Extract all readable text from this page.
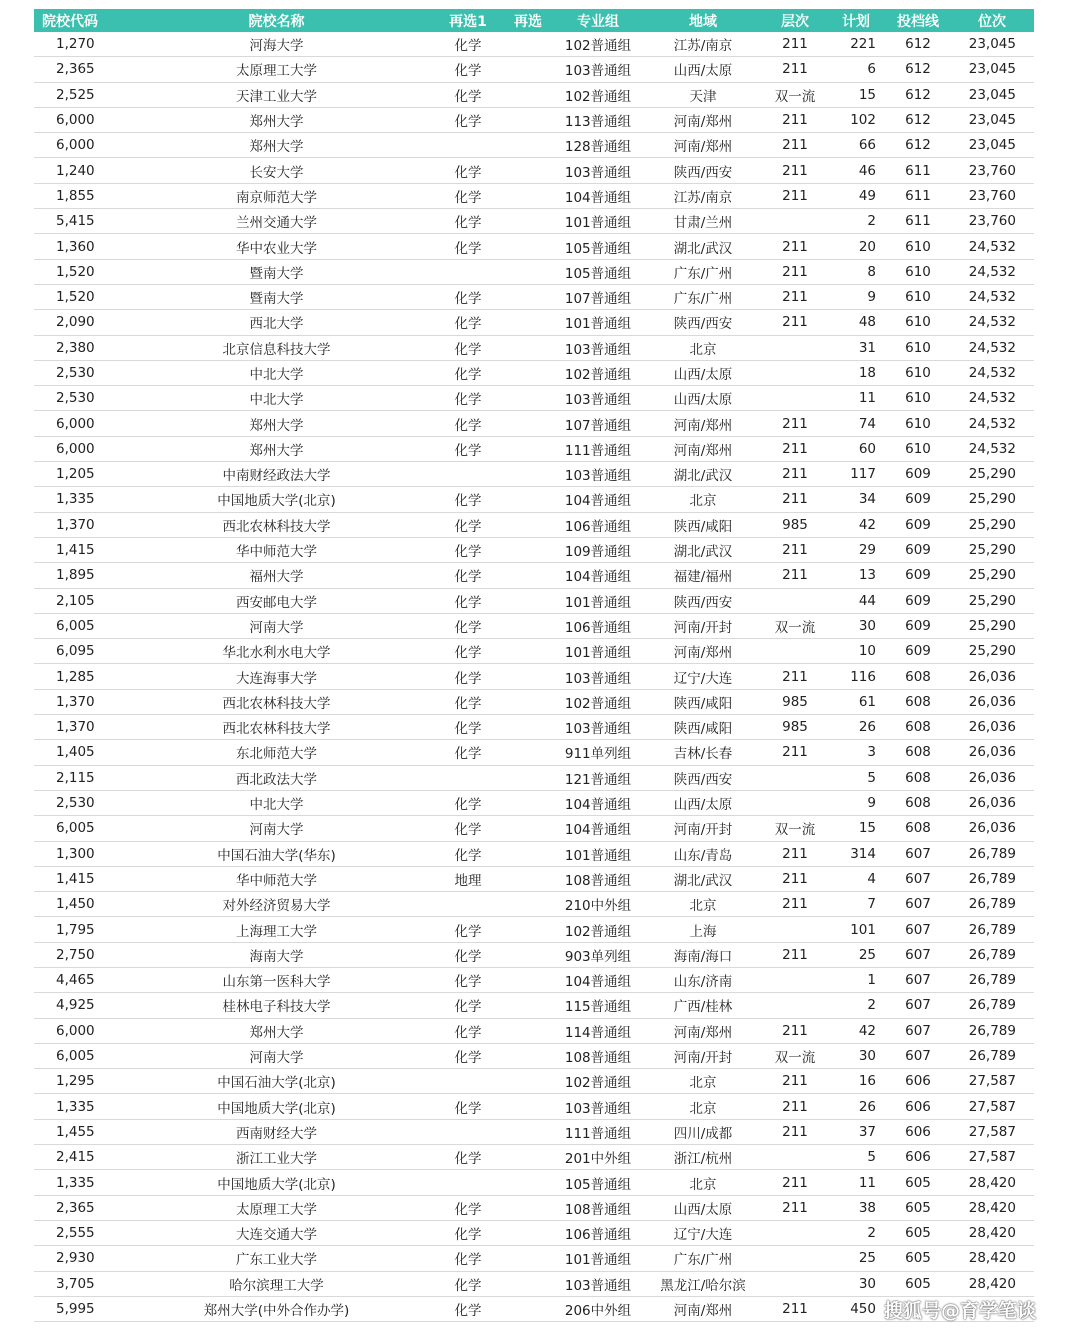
院校代码	院校名称	再选1	再选	专业组	地域	层次	计划	投档线	位次
1,270	河海大学	化学		102普通组	江苏/南京	211	221	612	23,045
2,365	太原理工大学	化学		103普通组	山西/太原	211	6	612	23,045
2,525	天津工业大学	化学		102普通组	天津	双一流	15	612	23,045
6,000	郑州大学	化学		113普通组	河南/郑州	211	102	612	23,045
6,000	郑州大学			128普通组	河南/郑州	211	66	612	23,045
1,240	长安大学	化学		103普通组	陕西/西安	211	46	611	23,760
1,855	南京师范大学	化学		104普通组	江苏/南京	211	49	611	23,760
5,415	兰州交通大学	化学		101普通组	甘肃/兰州		2	611	23,760
1,360	华中农业大学	化学		105普通组	湖北/武汉	211	20	610	24,532
1,520	暨南大学			105普通组	广东/广州	211	8	610	24,532
1,520	暨南大学	化学		107普通组	广东/广州	211	9	610	24,532
2,090	西北大学	化学		101普通组	陕西/西安	211	48	610	24,532
2,380	北京信息科技大学	化学		103普通组	北京		31	610	24,532
2,530	中北大学	化学		102普通组	山西/太原		18	610	24,532
2,530	中北大学	化学		103普通组	山西/太原		11	610	24,532
6,000	郑州大学	化学		107普通组	河南/郑州	211	74	610	24,532
6,000	郑州大学	化学		111普通组	河南/郑州	211	60	610	24,532
1,205	中南财经政法大学			103普通组	湖北/武汉	211	117	609	25,290
1,335	中国地质大学(北京)	化学		104普通组	北京	211	34	609	25,290
1,370	西北农林科技大学	化学		106普通组	陕西/咸阳	985	42	609	25,290
1,415	华中师范大学	化学		109普通组	湖北/武汉	211	29	609	25,290
1,895	福州大学	化学		104普通组	福建/福州	211	13	609	25,290
2,105	西安邮电大学	化学		101普通组	陕西/西安		44	609	25,290
6,005	河南大学	化学		106普通组	河南/开封	双一流	30	609	25,290
6,095	华北水利水电大学	化学		101普通组	河南/郑州		10	609	25,290
1,285	大连海事大学	化学		103普通组	辽宁/大连	211	116	608	26,036
1,370	西北农林科技大学	化学		102普通组	陕西/咸阳	985	61	608	26,036
1,370	西北农林科技大学	化学		103普通组	陕西/咸阳	985	26	608	26,036
1,405	东北师范大学	化学		911单列组	吉林/长春	211	3	608	26,036
2,115	西北政法大学			121普通组	陕西/西安		5	608	26,036
2,530	中北大学	化学		104普通组	山西/太原		9	608	26,036
6,005	河南大学	化学		104普通组	河南/开封	双一流	15	608	26,036
1,300	中国石油大学(华东)	化学		101普通组	山东/青岛	211	314	607	26,789
1,415	华中师范大学	地理		108普通组	湖北/武汉	211	4	607	26,789
1,450	对外经济贸易大学			210中外组	北京	211	7	607	26,789
1,795	上海理工大学	化学		102普通组	上海		101	607	26,789
2,750	海南大学	化学		903单列组	海南/海口	211	25	607	26,789
4,465	山东第一医科大学	化学		104普通组	山东/济南		1	607	26,789
4,925	桂林电子科技大学	化学		115普通组	广西/桂林		2	607	26,789
6,000	郑州大学	化学		114普通组	河南/郑州	211	42	607	26,789
6,005	河南大学	化学		108普通组	河南/开封	双一流	30	607	26,789
1,295	中国石油大学(北京)			102普通组	北京	211	16	606	27,587
1,335	中国地质大学(北京)	化学		103普通组	北京	211	26	606	27,587
1,455	西南财经大学			111普通组	四川/成都	211	37	606	27,587
2,415	浙江工业大学	化学		201中外组	浙江/杭州		5	606	27,587
1,335	中国地质大学(北京)			105普通组	北京	211	11	605	28,420
2,365	太原理工大学	化学		108普通组	山西/太原	211	38	605	28,420
2,555	大连交通大学	化学		106普通组	辽宁/大连		2	605	28,420
2,930	广东工业大学	化学		101普通组	广东/广州		25	605	28,420
3,705	哈尔滨理工大学	化学		103普通组	黑龙江/哈尔滨		30	605	28,420
5,995	郑州大学(中外合作办学)	化学		206中外组	河南/郑州	211	450		搜狐号@育学笔谈
